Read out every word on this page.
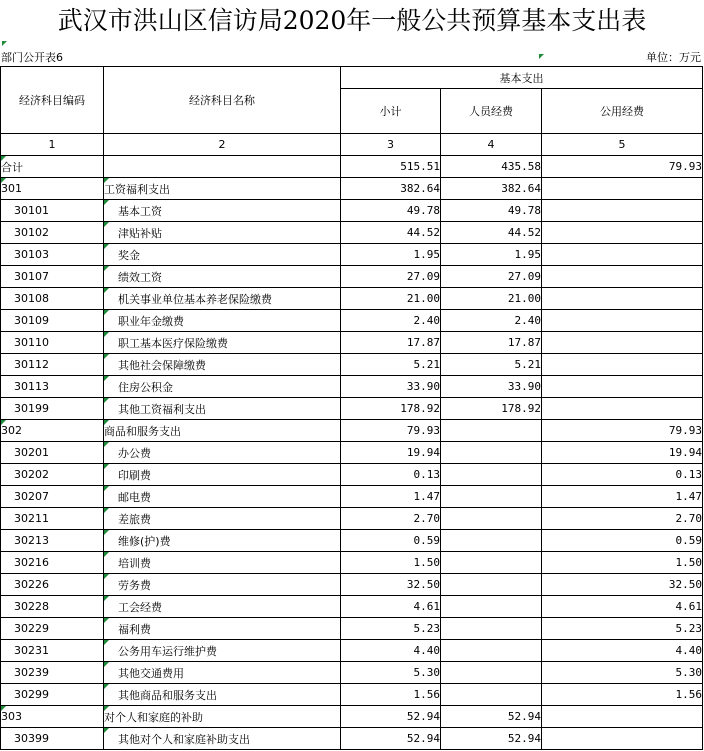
武汉市洪山区信访局2020年一般公共预算基本支出表
部门公开表6	单位：万元
经济科目编码	经济科目名称	基本支出		
		小计	人员经费	公用经费
1	2	3	4	5
合计		515.51	435.58	79.93
301	工资福利支出	382.64	382.64	
30101	基本工资	49.78	49.78	
30102	津贴补贴	44.52	44.52	
30103	奖金	1.95	1.95	
30107	绩效工资	27.09	27.09	
30108	机关事业单位基本养老保险缴费	21.00	21.00	
30109	职业年金缴费	2.40	2.40	
30110	职工基本医疗保险缴费	17.87	17.87	
30112	其他社会保障缴费	5.21	5.21	
30113	住房公积金	33.90	33.90	
30199	其他工资福利支出	178.92	178.92	
302	商品和服务支出	79.93		79.93
30201	办公费	19.94		19.94
30202	印刷费	0.13		0.13
30207	邮电费	1.47		1.47
30211	差旅费	2.70		2.70
30213	维修(护)费	0.59		0.59
30216	培训费	1.50		1.50
30226	劳务费	32.50		32.50
30228	工会经费	4.61		4.61
30229	福利费	5.23		5.23
30231	公务用车运行维护费	4.40		4.40
30239	其他交通费用	5.30		5.30
30299	其他商品和服务支出	1.56		1.56
303	对个人和家庭的补助	52.94	52.94	
30399	其他对个人和家庭补助支出	52.94	52.94	
